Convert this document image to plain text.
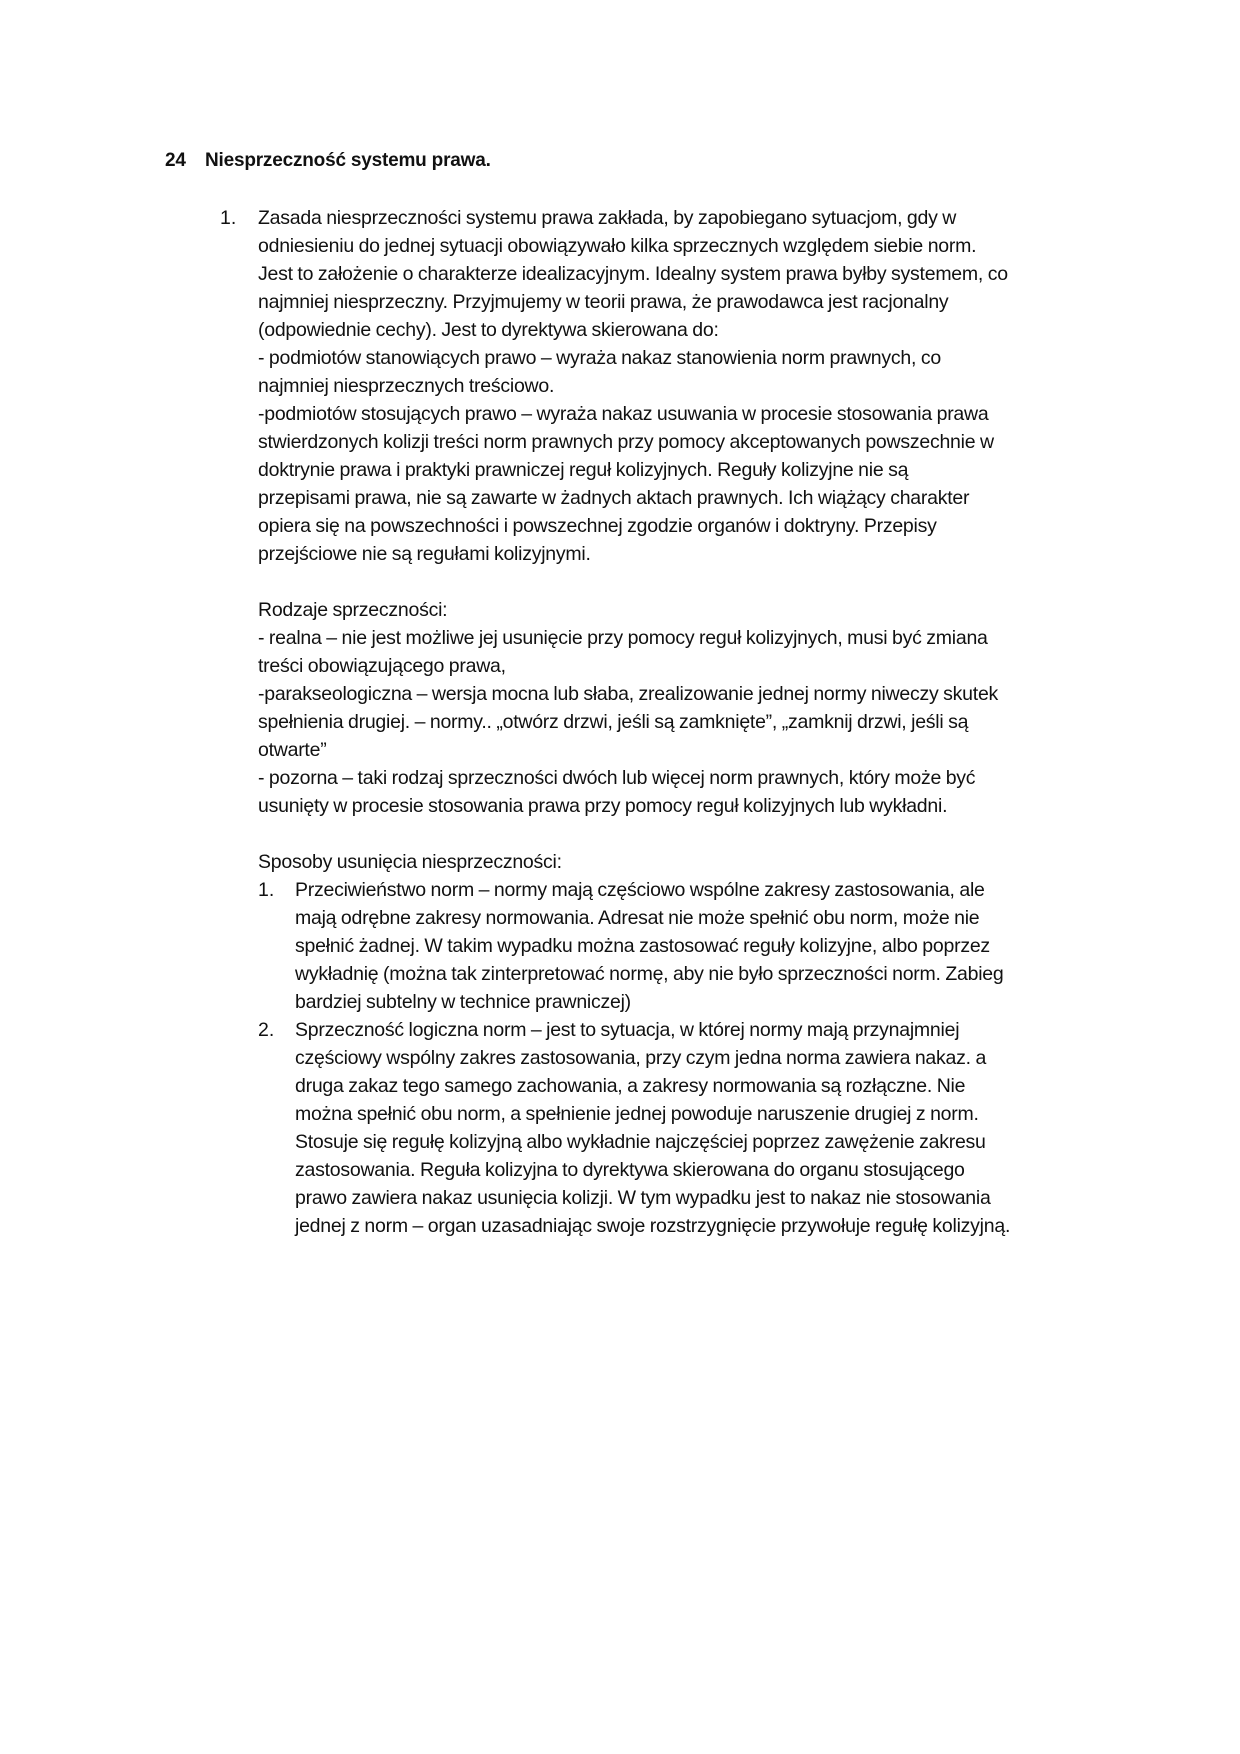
24 Niesprzeczność systemu prawa.
1. Zasada niesprzeczności systemu prawa zakłada, by zapobiegano sytuacjom, gdy w

odniesieniu do jednej sytuacji obowiązywało kilka sprzecznych względem siebie norm.

Jest to założenie o charakterze idealizacyjnym. Idealny system prawa byłby systemem, co

najmniej niesprzeczny. Przyjmujemy w teorii prawa, że prawodawca jest racjonalny

(odpowiednie cechy). Jest to dyrektywa skierowana do:

- podmiotów stanowiących prawo – wyraża nakaz stanowienia norm prawnych, co

najmniej niesprzecznych treściowo.

-podmiotów stosujących prawo – wyraża nakaz usuwania w procesie stosowania prawa

stwierdzonych kolizji treści norm prawnych przy pomocy akceptowanych powszechnie w

doktrynie prawa i praktyki prawniczej reguł kolizyjnych. Reguły kolizyjne nie są

przepisami prawa, nie są zawarte w żadnych aktach prawnych. Ich wiążący charakter

opiera się na powszechności i powszechnej zgodzie organów i doktryny. Przepisy

przejściowe nie są regułami kolizyjnymi.

Rodzaje sprzeczności:

- realna – nie jest możliwe jej usunięcie przy pomocy reguł kolizyjnych, musi być zmiana

treści obowiązującego prawa,

-parakseologiczna – wersja mocna lub słaba, zrealizowanie jednej normy niweczy skutek

spełnienia drugiej. – normy.. „otwórz drzwi, jeśli są zamknięte”, „zamknij drzwi, jeśli są

otwarte”

- pozorna – taki rodzaj sprzeczności dwóch lub więcej norm prawnych, który może być

usunięty w procesie stosowania prawa przy pomocy reguł kolizyjnych lub wykładni.

Sposoby usunięcia niesprzeczności:

1. Przeciwieństwo norm – normy mają częściowo wspólne zakresy zastosowania, ale

mają odrębne zakresy normowania. Adresat nie może spełnić obu norm, może nie

spełnić żadnej. W takim wypadku można zastosować reguły kolizyjne, albo poprzez

wykładnię (można tak zinterpretować normę, aby nie było sprzeczności norm. Zabieg

bardziej subtelny w technice prawniczej)

2. Sprzeczność logiczna norm – jest to sytuacja, w której normy mają przynajmniej

częściowy wspólny zakres zastosowania, przy czym jedna norma zawiera nakaz. a

druga zakaz tego samego zachowania, a zakresy normowania są rozłączne. Nie

można spełnić obu norm, a spełnienie jednej powoduje naruszenie drugiej z norm.

Stosuje się regułę kolizyjną albo wykładnie najczęściej poprzez zawężenie zakresu

zastosowania. Reguła kolizyjna to dyrektywa skierowana do organu stosującego

prawo zawiera nakaz usunięcia kolizji. W tym wypadku jest to nakaz nie stosowania

jednej z norm – organ uzasadniając swoje rozstrzygnięcie przywołuje regułę kolizyjną.
